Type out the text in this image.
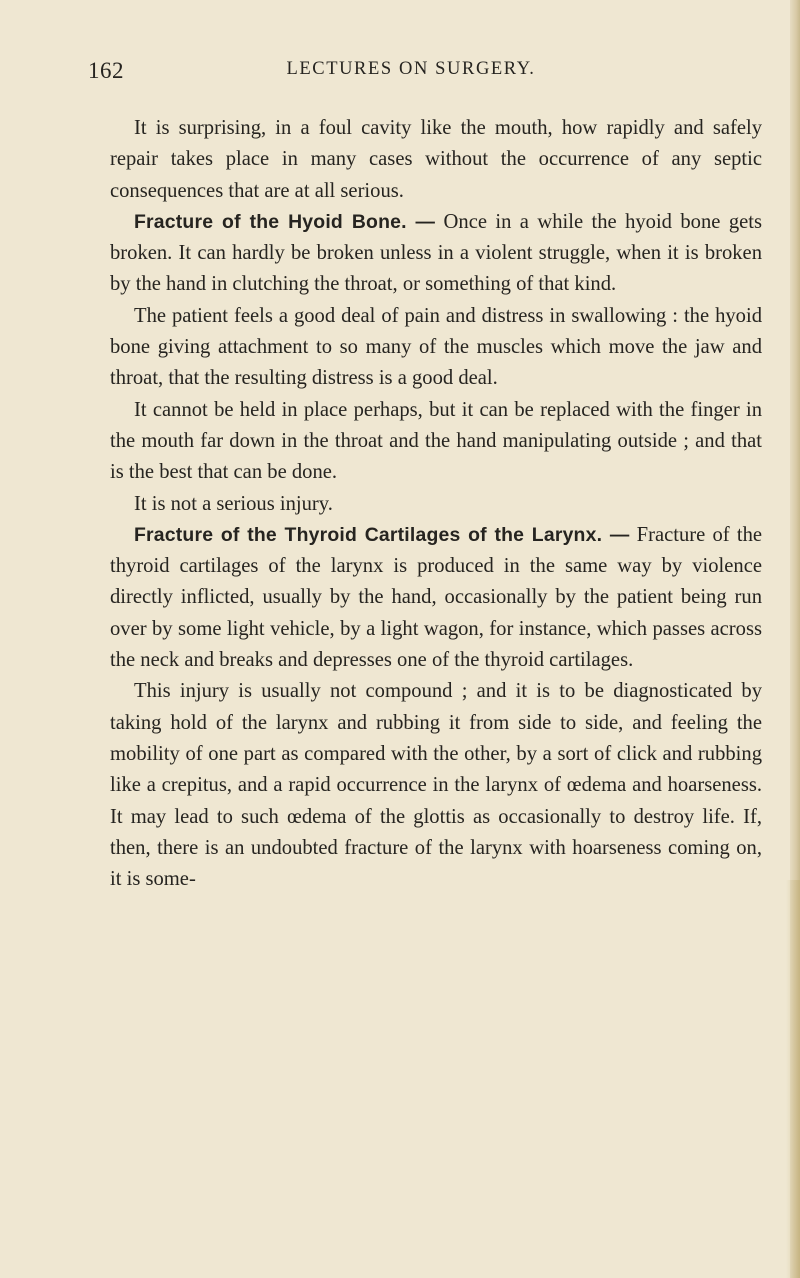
162	LECTURES ON SURGERY.

It is surprising, in a foul cavity like the mouth, how rapidly and safely repair takes place in many cases without the occurrence of any septic consequences that are at all serious.

Fracture of the Hyoid Bone. — Once in a while the hyoid bone gets broken. It can hardly be broken unless in a violent struggle, when it is broken by the hand in clutching the throat, or something of that kind.

The patient feels a good deal of pain and distress in swallowing : the hyoid bone giving attachment to so many of the muscles which move the jaw and throat, that the resulting distress is a good deal.

It cannot be held in place perhaps, but it can be replaced with the finger in the mouth far down in the throat and the hand manipulating outside ; and that is the best that can be done.

It is not a serious injury.

Fracture of the Thyroid Cartilages of the Larynx. — Fracture of the thyroid cartilages of the larynx is produced in the same way by violence directly inflicted, usually by the hand, occasionally by the patient being run over by some light vehicle, by a light wagon, for instance, which passes across the neck and breaks and depresses one of the thyroid cartilages.

This injury is usually not compound ; and it is to be diagnosticated by taking hold of the larynx and rubbing it from side to side, and feeling the mobility of one part as compared with the other, by a sort of click and rubbing like a crepitus, and a rapid occurrence in the larynx of œdema and hoarseness. It may lead to such œdema of the glottis as occasionally to destroy life. If, then, there is an undoubted fracture of the larynx with hoarseness coming on, it is some-
